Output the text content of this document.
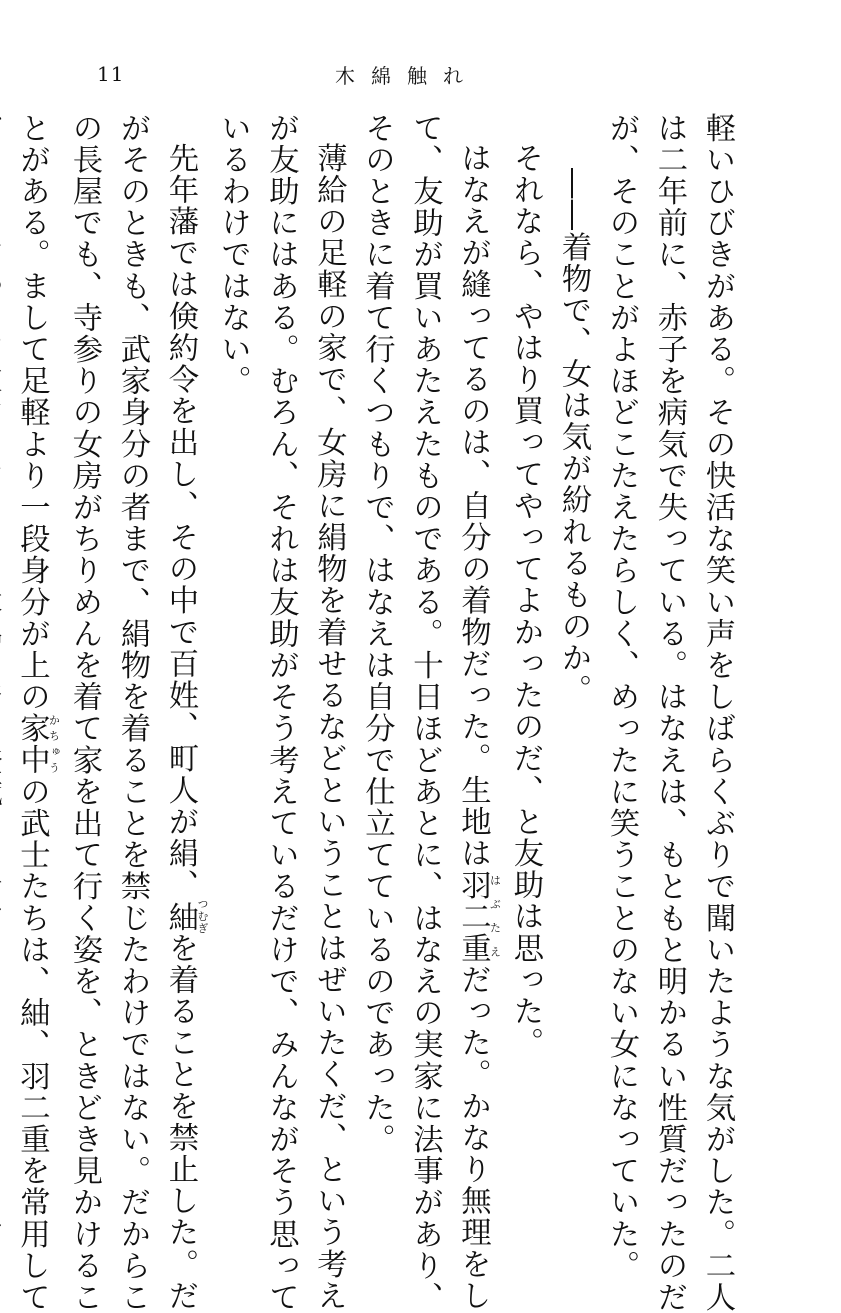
11	木綿触れ

軽いひびきがある。その快活な笑い声をしばらくぶりで聞いたような気がした。二人

は二年前に、赤子を病気で失っている。はなえは、もともと明かるい性質だったのだ

が、そのことがよほどこたえたらしく、めったに笑うことのない女になっていた。

――着物で、女は気が紛れるものか。

それなら、やはり買ってやってよかったのだ、と友助は思った。

はなえが縫ってるのは、自分の着物だった。生地は羽二重はぶたえだった。かなり無理をし

て、友助が買いあたえたものである。十日ほどあとに、はなえの実家に法事があり、

そのときに着て行くつもりで、はなえは自分で仕立てているのであった。

薄給の足軽の家で、女房に絹物を着せるなどということはぜいたくだ、という考え

が友助にはある。むろん、それは友助がそう考えているだけで、みんながそう思って

いるわけではない。

先年藩では倹約令を出し、その中で百姓、町人が絹、紬つむぎを着ることを禁止した。だ

がそのときも、武家身分の者まで、絹物を着ることを禁じたわけではない。だからこ

の長屋でも、寺参りの女房がちりめんを着て家を出て行く姿を、ときどき見かけるこ

とがある。まして足軽より一段身分が上の家中かちゅうの武士たちは、紬、羽二重を常用して
